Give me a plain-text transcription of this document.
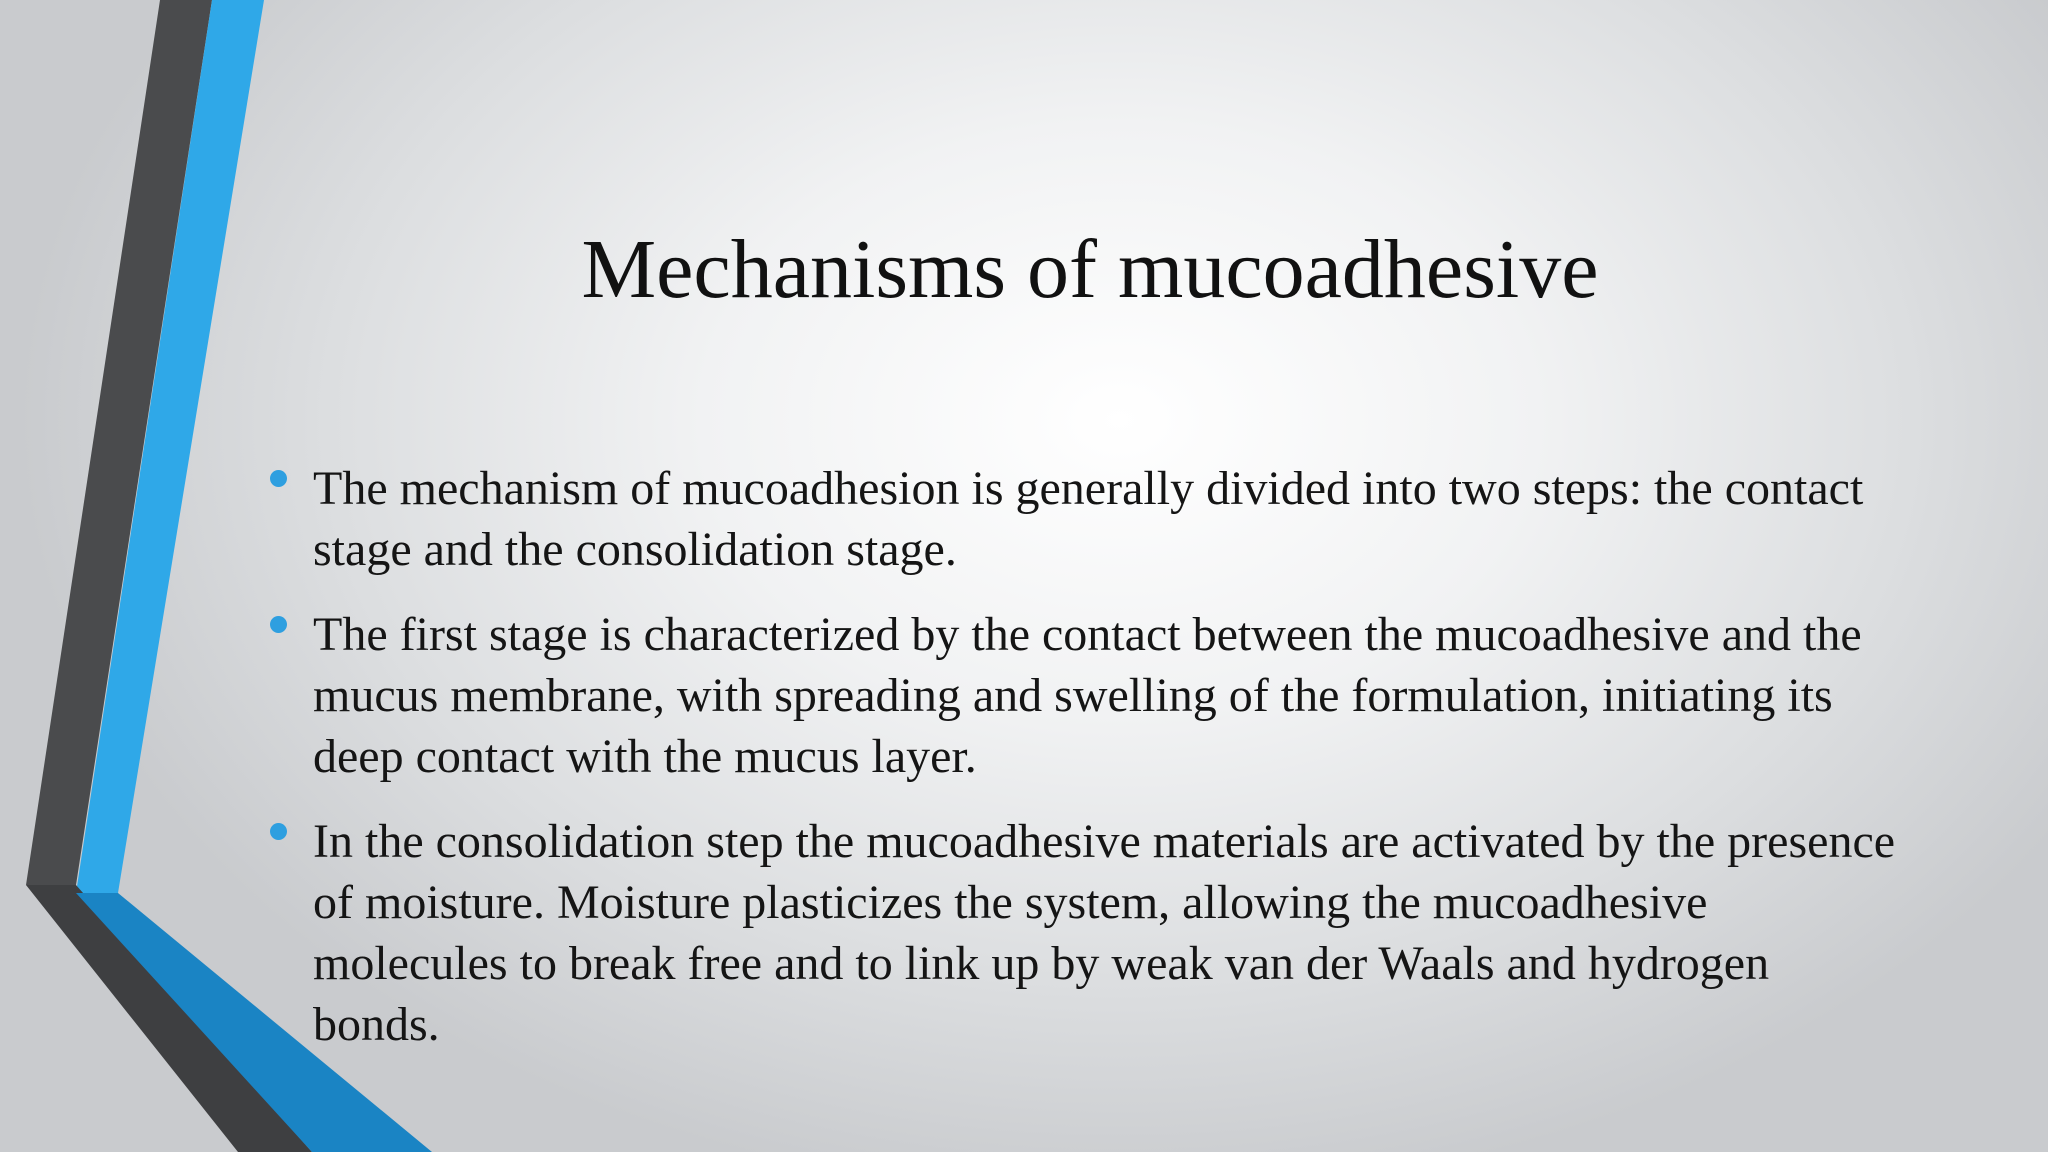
Mechanisms of mucoadhesive
The mechanism of mucoadhesion is generally divided into two steps: the contact stage and the consolidation stage.
The first stage is characterized by the contact between the mucoadhesive and the mucus membrane, with spreading and swelling of the formulation, initiating its deep contact with the mucus layer.
In the consolidation step the mucoadhesive materials are activated by the presence of moisture. Moisture plasticizes the system, allowing the mucoadhesive molecules to break free and to link up by weak van der Waals and hydrogen bonds.
